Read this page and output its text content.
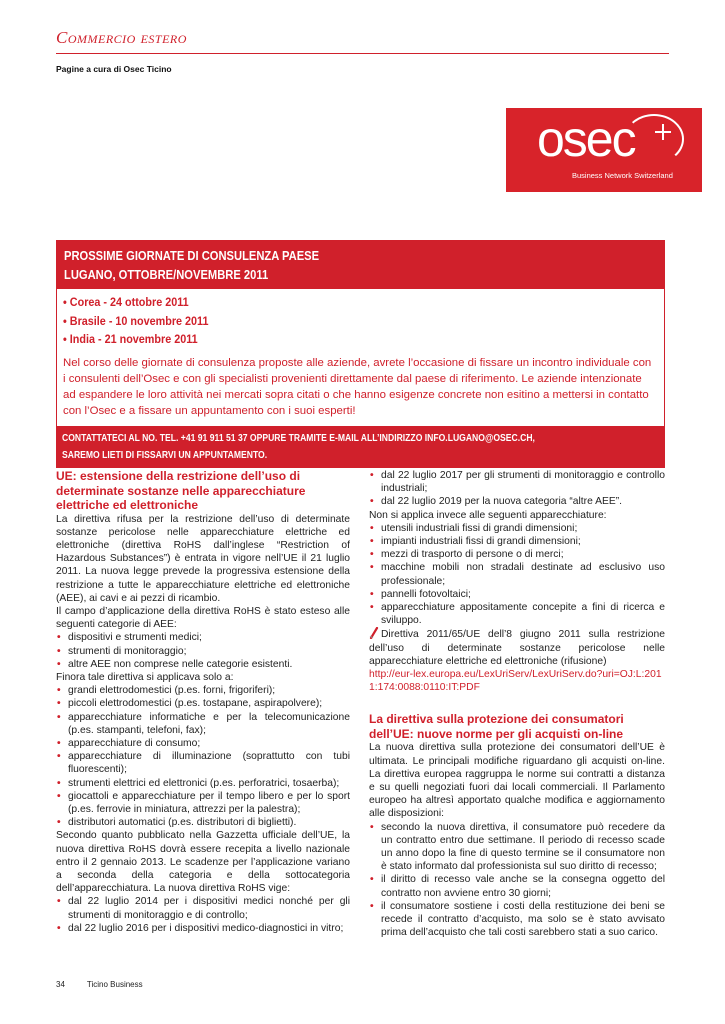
Commercio estero
Pagine a cura di Osec Ticino
osec
Business Network Switzerland
PROSSIME GIORNATE DI CONSULENZA PAESE
LUGANO, OTTOBRE/NOVEMBRE 2011
• Corea - 24 ottobre 2011
• Brasile - 10 novembre 2011
• India - 21 novembre 2011
Nel corso delle giornate di consulenza proposte alle aziende, avrete l’occasione di fissare un incontro individuale con i consulenti dell’Osec e con gli specialisti provenienti direttamente dal paese di riferimento. Le aziende intenzionate ad espandere le loro attività nei mercati sopra citati o che hanno esigenze concrete non esitino a mettersi in contatto con l’Osec e a fissare un appuntamento con i suoi esperti!
CONTATTATECI AL NO. TEL. +41 91 911 51 37 OPPURE TRAMITE E-MAIL ALL’INDIRIZZO INFO.LUGANO@OSEC.CH,
SAREMO LIETI DI FISSARVI UN APPUNTAMENTO.
UE: estensione della restrizione dell’uso di determinate sostanze nelle apparecchiature elettriche ed elettroniche

La direttiva rifusa per la restrizione dell’uso di determinate sostanze pericolose nelle apparecchiature elettriche ed elettroniche (direttiva RoHS dall’inglese “Restriction of Hazardous Substances”) è entrata in vigore nell’UE il 21 luglio 2011. La nuova legge prevede la progressiva estensione della restrizione a tutte le apparecchiature elettriche ed elettroniche (AEE), ai cavi e ai pezzi di ricambio.

Il campo d’applicazione della direttiva RoHS è stato esteso alle seguenti categorie di AEE:

• dispositivi e strumenti medici;
• strumenti di monitoraggio;
• altre AEE non comprese nelle categorie esistenti.

Finora tale direttiva si applicava solo a:

• grandi elettrodomestici (p.es. forni, frigoriferi);
• piccoli elettrodomestici (p.es. tostapane, aspirapolvere);
• apparecchiature informatiche e per la telecomunicazione (p.es. stampanti, telefoni, fax);
• apparecchiature di consumo;
• apparecchiature di illuminazione (soprattutto con tubi fluorescenti);
• strumenti elettrici ed elettronici (p.es. perforatrici, tosaerba);
• giocattoli e apparecchiature per il tempo libero e per lo sport (p.es. ferrovie in miniatura, attrezzi per la palestra);
• distributori automatici (p.es. distributori di biglietti).

Secondo quanto pubblicato nella Gazzetta ufficiale dell’UE, la nuova direttiva RoHS dovrà essere recepita a livello nazionale entro il 2 gennaio 2013. Le scadenze per l’applicazione variano a seconda della categoria e della sottocategoria dell’apparecchiatura. La nuova direttiva RoHS vige:

• dal 22 luglio 2014 per i dispositivi medici nonché per gli strumenti di monitoraggio e di controllo;
• dal 22 luglio 2016 per i dispositivi medico-diagnostici in vitro;
• dal 22 luglio 2017 per gli strumenti di monitoraggio e controllo industriali;
• dal 22 luglio 2019 per la nuova categoria “altre AEE”.

Non si applica invece alle seguenti apparecchiature:

• utensili industriali fissi di grandi dimensioni;
• impianti industriali fissi di grandi dimensioni;
• mezzi di trasporto di persone o di merci;
• macchine mobili non stradali destinate ad esclusivo uso professionale;
• pannelli fotovoltaici;
• apparecchiature appositamente concepite a fini di ricerca e sviluppo.

Direttiva 2011/65/UE dell’8 giugno 2011 sulla restrizione dell’uso di determinate sostanze pericolose nelle apparecchiature elettriche ed elettroniche (rifusione)

http://eur-lex.europa.eu/LexUriServ/LexUriServ.do?uri=OJ:L:2011:174:0088:0110:IT:PDF

La direttiva sulla protezione dei consumatori dell’UE: nuove norme per gli acquisti on-line

La nuova direttiva sulla protezione dei consumatori dell’UE è ultimata. Le principali modifiche riguardano gli acquisti on-line. La direttiva europea raggruppa le norme sui contratti a distanza e su quelli negoziati fuori dai locali commerciali. Il Parlamento europeo ha altresì apportato qualche modifica e aggiornamento alle disposizioni:

• secondo la nuova direttiva, il consumatore può recedere da un contratto entro due settimane. Il periodo di recesso scade un anno dopo la fine di questo termine se il consumatore non è stato informato dal professionista sul suo diritto di recesso;
• il diritto di recesso vale anche se la consegna oggetto del contratto non avviene entro 30 giorni;
• il consumatore sostiene i costi della restituzione dei beni se recede il contratto d’acquisto, ma solo se è stato avvisato prima dell’acquisto che tali costi sarebbero stati a suo carico.
34	Ticino Business
